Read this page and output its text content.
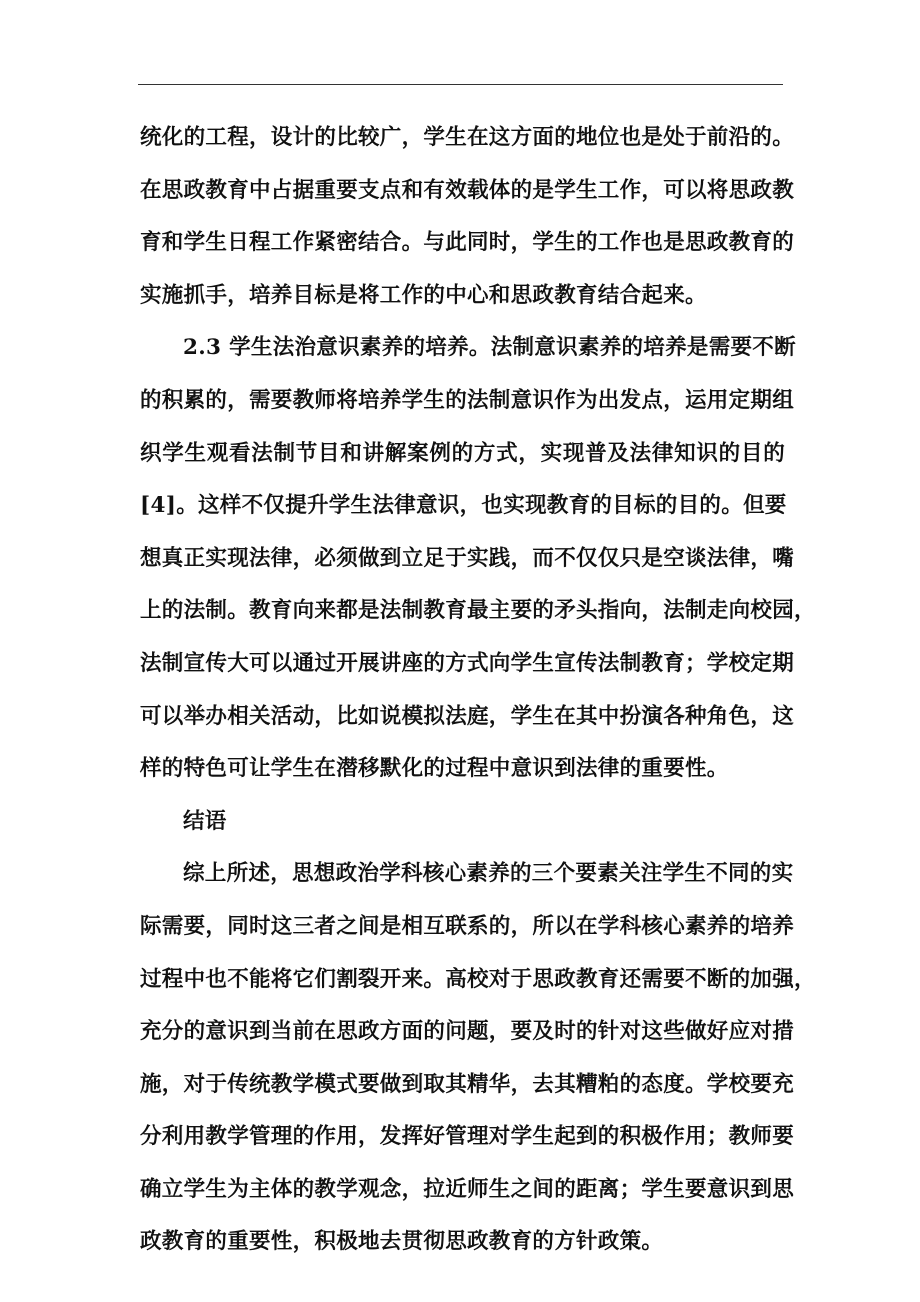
统化的工程，设计的比较广，学生在这方面的地位也是处于前沿的。
在思政教育中占据重要支点和有效载体的是学生工作，可以将思政教
育和学生日程工作紧密结合。与此同时，学生的工作也是思政教育的
实施抓手，培养目标是将工作的中心和思政教育结合起来。
2.3 学生法治意识素养的培养。法制意识素养的培养是需要不断
的积累的，需要教师将培养学生的法制意识作为出发点，运用定期组
织学生观看法制节目和讲解案例的方式，实现普及法律知识的目的
[4]。这样不仅提升学生法律意识，也实现教育的目标的目的。但要
想真正实现法律，必须做到立足于实践，而不仅仅只是空谈法律，嘴
上的法制。教育向来都是法制教育最主要的矛头指向，法制走向校园，
法制宣传大可以通过开展讲座的方式向学生宣传法制教育；学校定期
可以举办相关活动，比如说模拟法庭，学生在其中扮演各种角色，这
样的特色可让学生在潜移默化的过程中意识到法律的重要性。
结语
综上所述，思想政治学科核心素养的三个要素关注学生不同的实
际需要，同时这三者之间是相互联系的，所以在学科核心素养的培养
过程中也不能将它们割裂开来。高校对于思政教育还需要不断的加强，
充分的意识到当前在思政方面的问题，要及时的针对这些做好应对措
施，对于传统教学模式要做到取其精华，去其糟粕的态度。学校要充
分利用教学管理的作用，发挥好管理对学生起到的积极作用；教师要
确立学生为主体的教学观念，拉近师生之间的距离；学生要意识到思
政教育的重要性，积极地去贯彻思政教育的方针政策。
